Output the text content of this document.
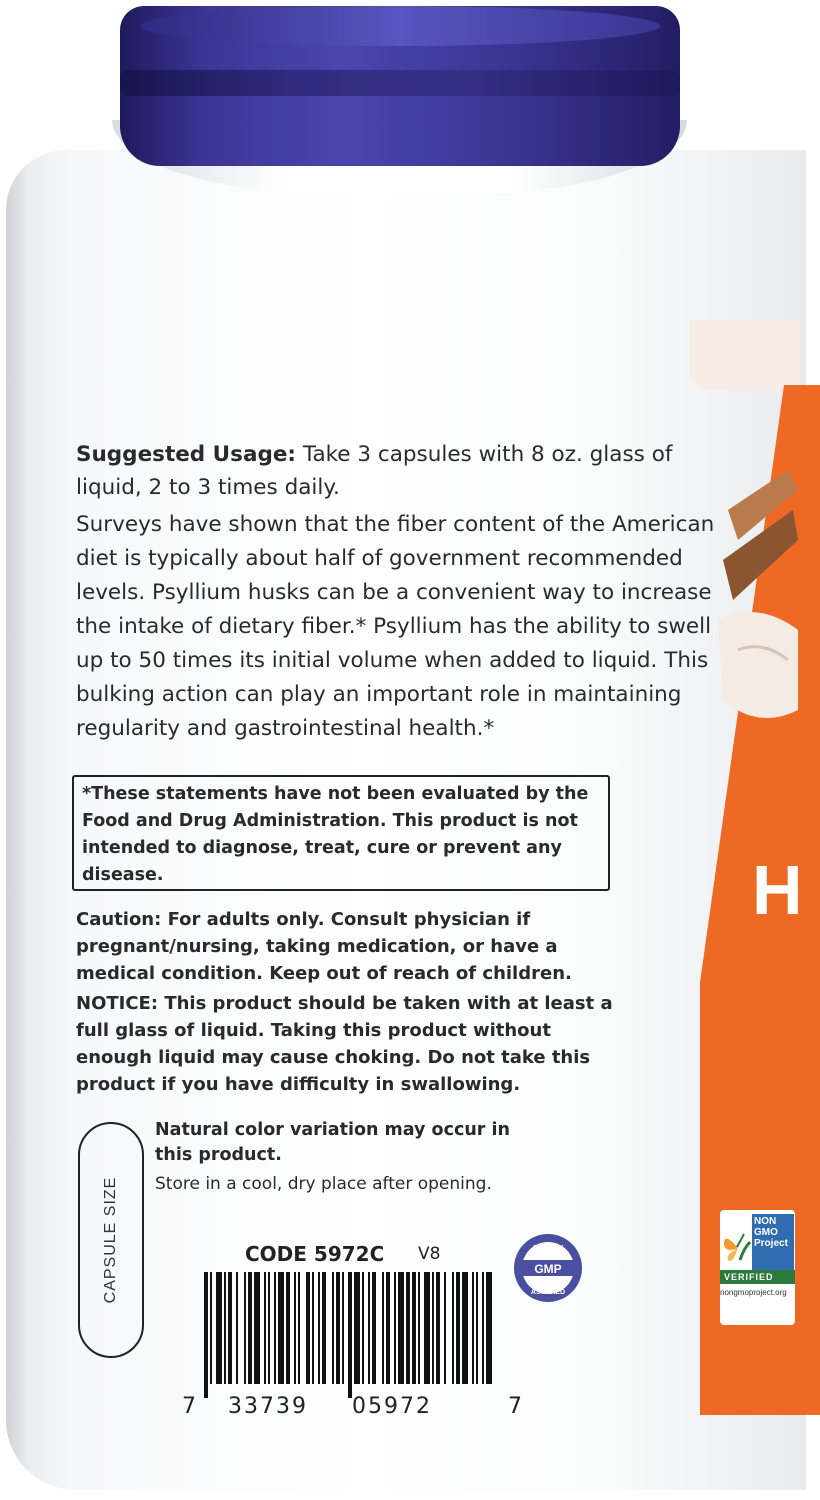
H
NON GMO Project
VERIFIED
nongmoproject.org
Suggested Usage: Take 3 capsules with 8 oz. glass of liquid, 2 to 3 times daily.
Surveys have shown that the fiber content of the American diet is typically about half of government recommended levels. Psyllium husks can be a convenient way to increase the intake of dietary fiber.* Psyllium has the ability to swell up to 50 times its initial volume when added to liquid. This bulking action can play an important role in maintaining regularity and gastrointestinal health.*
*These statements have not been evaluated by the Food and Drug Administration. This product is not intended to diagnose, treat, cure or prevent any disease.
Caution: For adults only. Consult physician if pregnant/nursing, taking medication, or have a medical condition. Keep out of reach of children.
NOTICE: This product should be taken with at least a full glass of liquid. Taking this product without enough liquid may cause choking. Do not take this product if you have difficulty in swallowing.
CAPSULE SIZE
Natural color variation may occur in this product.
Store in a cool, dry place after opening.
CODE 5972C V8
GMP
QUALITY
ASSURED
7 33739 05972	7
